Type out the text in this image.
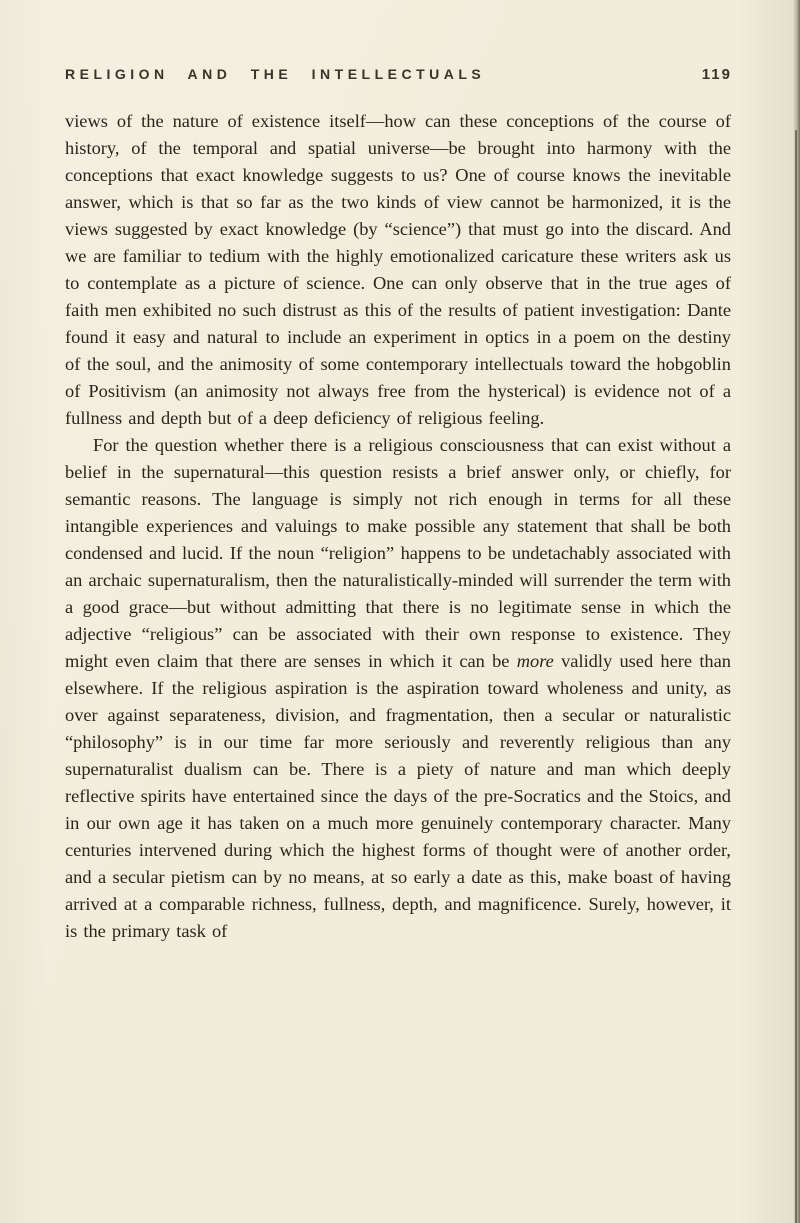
RELIGION AND THE INTELLECTUALS	119

views of the nature of existence itself—how can these conceptions of the course of history, of the temporal and spatial universe—be brought into harmony with the conceptions that exact knowledge suggests to us? One of course knows the inevitable answer, which is that so far as the two kinds of view cannot be harmonized, it is the views suggested by exact knowledge (by “science”) that must go into the discard. And we are familiar to tedium with the highly emotionalized caricature these writers ask us to contemplate as a picture of science. One can only observe that in the true ages of faith men exhibited no such distrust as this of the results of patient investigation: Dante found it easy and natural to include an experiment in optics in a poem on the destiny of the soul, and the animosity of some contemporary intellectuals toward the hobgoblin of Positivism (an animosity not always free from the hysterical) is evidence not of a fullness and depth but of a deep deficiency of religious feeling.

For the question whether there is a religious consciousness that can exist without a belief in the supernatural—this question resists a brief answer only, or chiefly, for semantic reasons. The language is simply not rich enough in terms for all these intangible experiences and valuings to make possible any statement that shall be both condensed and lucid. If the noun “religion” happens to be undetachably associated with an archaic supernaturalism, then the naturalistically-minded will surrender the term with a good grace—but without admitting that there is no legitimate sense in which the adjective “religious” can be associated with their own response to existence. They might even claim that there are senses in which it can be more validly used here than elsewhere. If the religious aspiration is the aspiration toward wholeness and unity, as over against separateness, division, and fragmentation, then a secular or naturalistic “philosophy” is in our time far more seriously and reverently religious than any supernaturalist dualism can be. There is a piety of nature and man which deeply reflective spirits have entertained since the days of the pre-Socratics and the Stoics, and in our own age it has taken on a much more genuinely contemporary character. Many centuries intervened during which the highest forms of thought were of another order, and a secular pietism can by no means, at so early a date as this, make boast of having arrived at a comparable richness, fullness, depth, and magnificence. Surely, however, it is the primary task of
